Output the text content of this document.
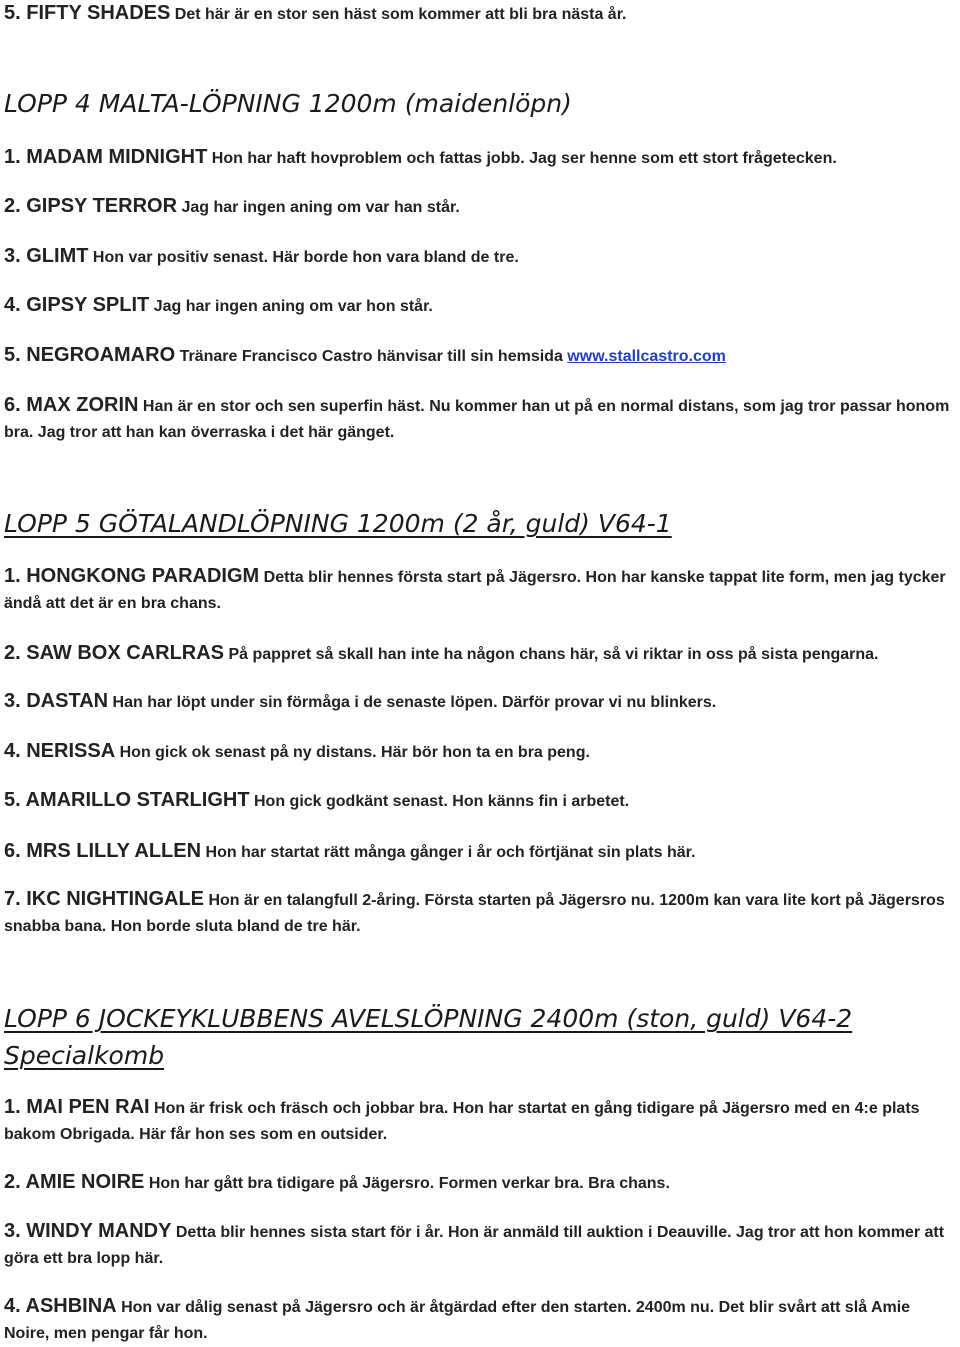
5. FIFTY SHADES Det här är en stor sen häst som kommer att bli bra nästa år.
LOPP 4 MALTA-LÖPNING 1200m (maidenlöpn)
1. MADAM MIDNIGHT Hon har haft hovproblem och fattas jobb. Jag ser henne som ett stort frågetecken.
2. GIPSY TERROR Jag har ingen aning om var han står.
3. GLIMT Hon var positiv senast. Här borde hon vara bland de tre.
4. GIPSY SPLIT Jag har ingen aning om var hon står.
5. NEGROAMARO Tränare Francisco Castro hänvisar till sin hemsida www.stallcastro.com
6. MAX ZORIN Han är en stor och sen superfin häst. Nu kommer han ut på en normal distans, som jag tror passar honom bra. Jag tror att han kan överraska i det här gänget.
LOPP 5 GÖTALANDLÖPNING 1200m (2 år, guld) V64-1
1. HONGKONG PARADIGM Detta blir hennes första start på Jägersro. Hon har kanske tappat lite form, men jag tycker ändå att det är en bra chans.
2. SAW BOX CARLRAS På pappret så skall han inte ha någon chans här, så vi riktar in oss på sista pengarna.
3. DASTAN Han har löpt under sin förmåga i de senaste löpen. Därför provar vi nu blinkers.
4. NERISSA Hon gick ok senast på ny distans. Här bör hon ta en bra peng.
5. AMARILLO STARLIGHT Hon gick godkänt senast. Hon känns fin i arbetet.
6. MRS LILLY ALLEN Hon har startat rätt många gånger i år och förtjänat sin plats här.
7. IKC NIGHTINGALE Hon är en talangfull 2-åring. Första starten på Jägersro nu. 1200m kan vara lite kort på Jägersros snabba bana. Hon borde sluta bland de tre här.
LOPP 6 JOCKEYKLUBBENS AVELSLÖPNING 2400m (ston, guld) V64-2
Specialkomb
1. MAI PEN RAI Hon är frisk och fräsch och jobbar bra. Hon har startat en gång tidigare på Jägersro med en 4:e plats bakom Obrigada. Här får hon ses som en outsider.
2. AMIE NOIRE Hon har gått bra tidigare på Jägersro. Formen verkar bra. Bra chans.
3. WINDY MANDY Detta blir hennes sista start för i år. Hon är anmäld till auktion i Deauville. Jag tror att hon kommer att göra ett bra lopp här.
4. ASHBINA Hon var dålig senast på Jägersro och är åtgärdad efter den starten. 2400m nu. Det blir svårt att slå Amie Noire, men pengar får hon.
